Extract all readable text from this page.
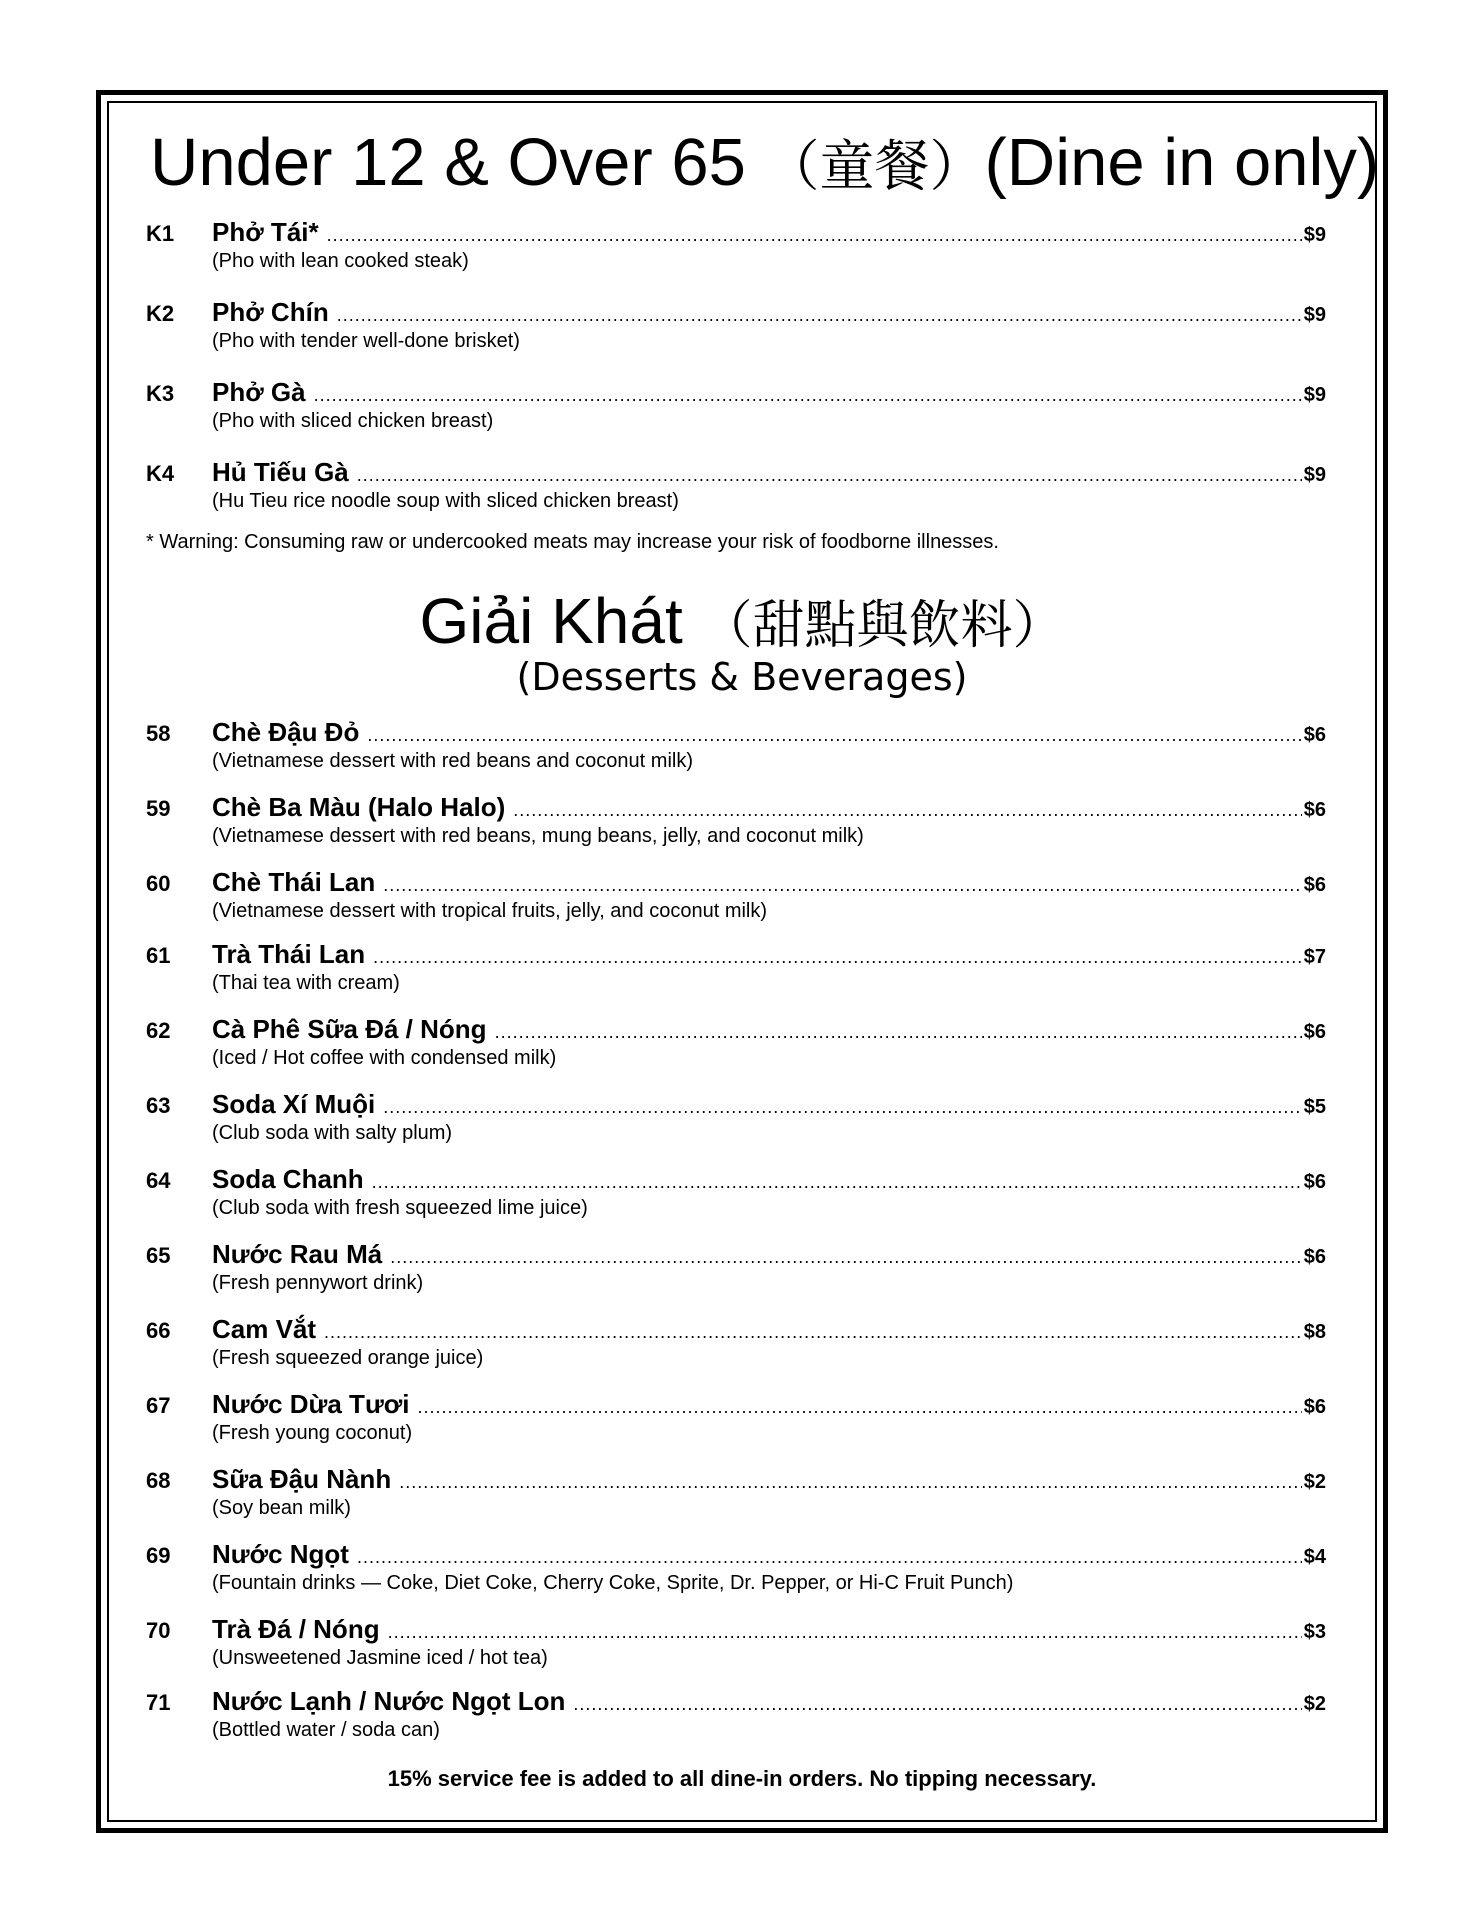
Under 12 & Over 65 （童餐）(Dine in only)
K1	Phở Tái* .....	$9
(Pho with lean cooked steak)
K2	Phở Chín .....	$9
(Pho with tender well-done brisket)
K3	Phở Gà .....	$9
(Pho with sliced chicken breast)
K4	Hủ Tiếu Gà .....	$9
(Hu Tieu rice noodle soup with sliced chicken breast)
* Warning: Consuming raw or undercooked meats may increase your risk of foodborne illnesses.
Giải Khát （甜點與飲料）
(Desserts & Beverages)
58	Chè Đậu Đỏ .....	$6
(Vietnamese dessert with red beans and coconut milk)
59	Chè Ba Màu (Halo Halo) .....	$6
(Vietnamese dessert with red beans, mung beans, jelly, and coconut milk)
60	Chè Thái Lan .....	$6
(Vietnamese dessert with tropical fruits, jelly, and coconut milk)
61	Trà Thái Lan .....	$7
(Thai tea with cream)
62	Cà Phê Sữa Đá / Nóng .....	$6
(Iced / Hot coffee with condensed milk)
63	Soda Xí Muội .....	$5
(Club soda with salty plum)
64	Soda Chanh .....	$6
(Club soda with fresh squeezed lime juice)
65	Nước Rau Má .....	$6
(Fresh pennywort drink)
66	Cam Vắt .....	$8
(Fresh squeezed orange juice)
67	Nước Dừa Tươi .....	$6
(Fresh young coconut)
68	Sữa Đậu Nành .....	$2
(Soy bean milk)
69	Nước Ngọt .....	$4
(Fountain drinks — Coke, Diet Coke, Cherry Coke, Sprite, Dr. Pepper, or Hi-C Fruit Punch)
70	Trà Đá / Nóng .....	$3
(Unsweetened Jasmine iced / hot tea)
71	Nước Lạnh / Nước Ngọt Lon .....	$2
(Bottled water / soda can)
15% service fee is added to all dine-in orders. No tipping necessary.
